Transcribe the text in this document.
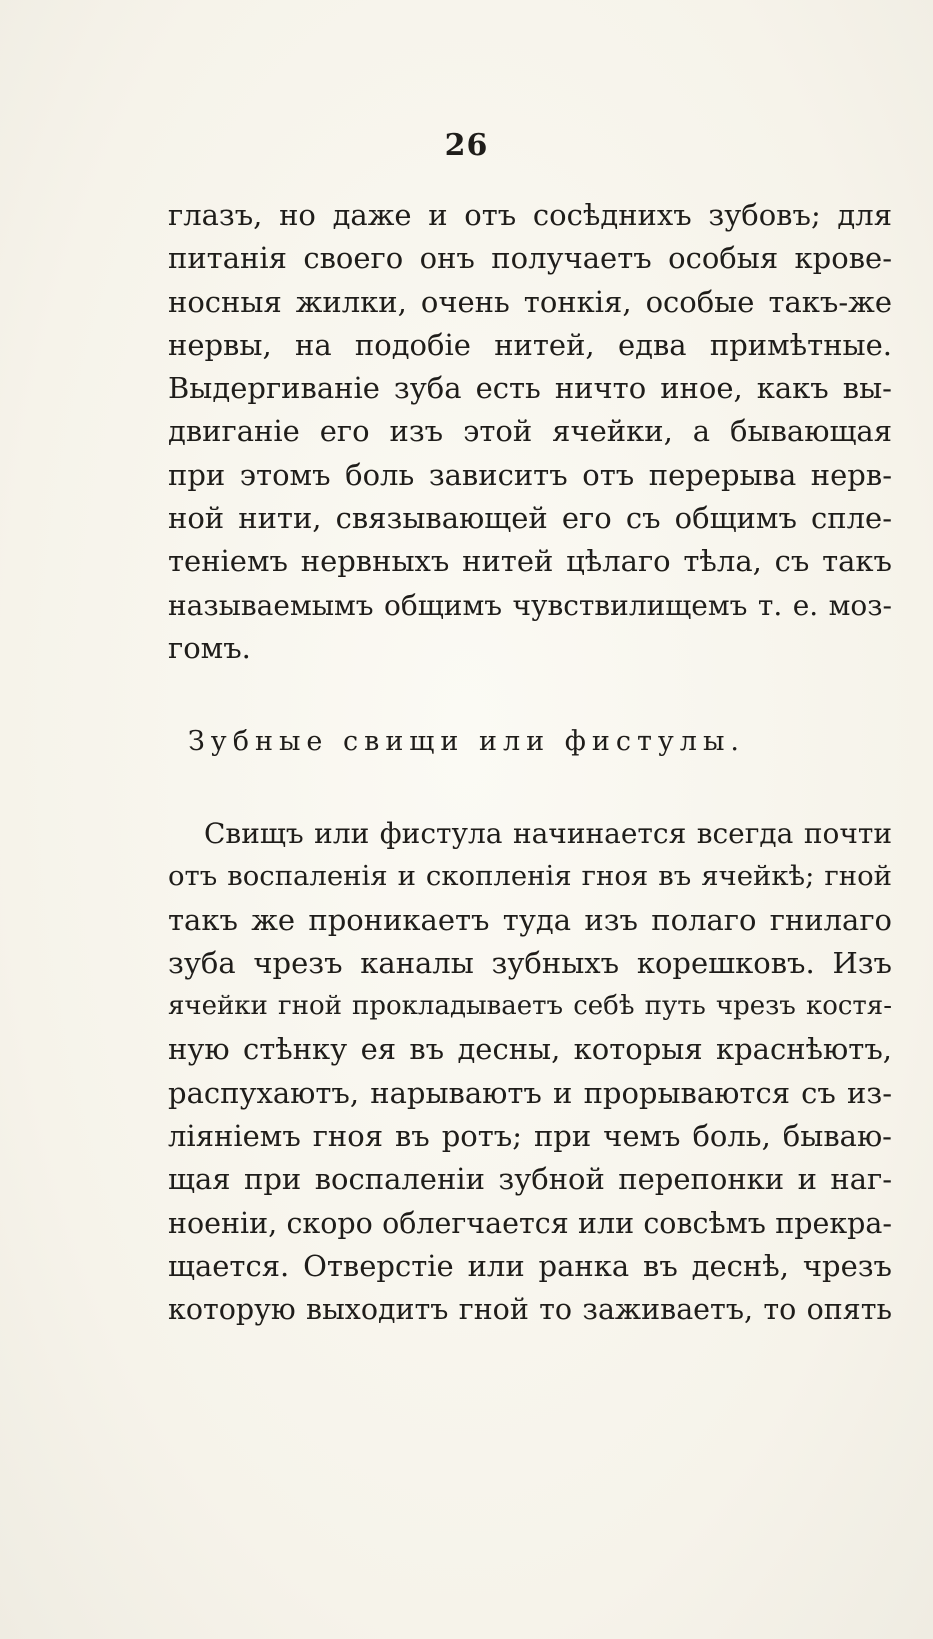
26
глазъ, но даже и отъ сосѣднихъ зубовъ; для
питанія своего онъ получаетъ особыя крове-
носныя жилки, очень тонкія, особые такъ-же
нервы, на подобіе нитей, едва примѣтные.
Выдергиваніе зуба есть ничто иное, какъ вы-
двиганіе его изъ этой ячейки, а бывающая
при этомъ боль зависитъ отъ перерыва нерв-
ной нити, связывающей его съ общимъ спле-
теніемъ нервныхъ нитей цѣлаго тѣла, съ такъ
называемымъ общимъ чувствилищемъ т. е. моз-
гомъ.
Зубные свищи или фистулы.
Свищъ или фистула начинается всегда почти
отъ воспаленія и скопленія гноя въ ячейкѣ; гной
такъ же проникаетъ туда изъ полаго гнилаго
зуба чрезъ каналы зубныхъ корешковъ. Изъ
ячейки гной прокладываетъ себѣ путь чрезъ костя-
ную стѣнку ея въ десны, которыя краснѣютъ,
распухаютъ, нарываютъ и прорываются съ из-
ліяніемъ гноя въ ротъ; при чемъ боль, бываю-
щая при воспаленіи зубной перепонки и наг-
ноеніи, скоро облегчается или совсѣмъ прекра-
щается. Отверстіе или ранка въ деснѣ, чрезъ
которую выходитъ гной то заживаетъ, то опять
